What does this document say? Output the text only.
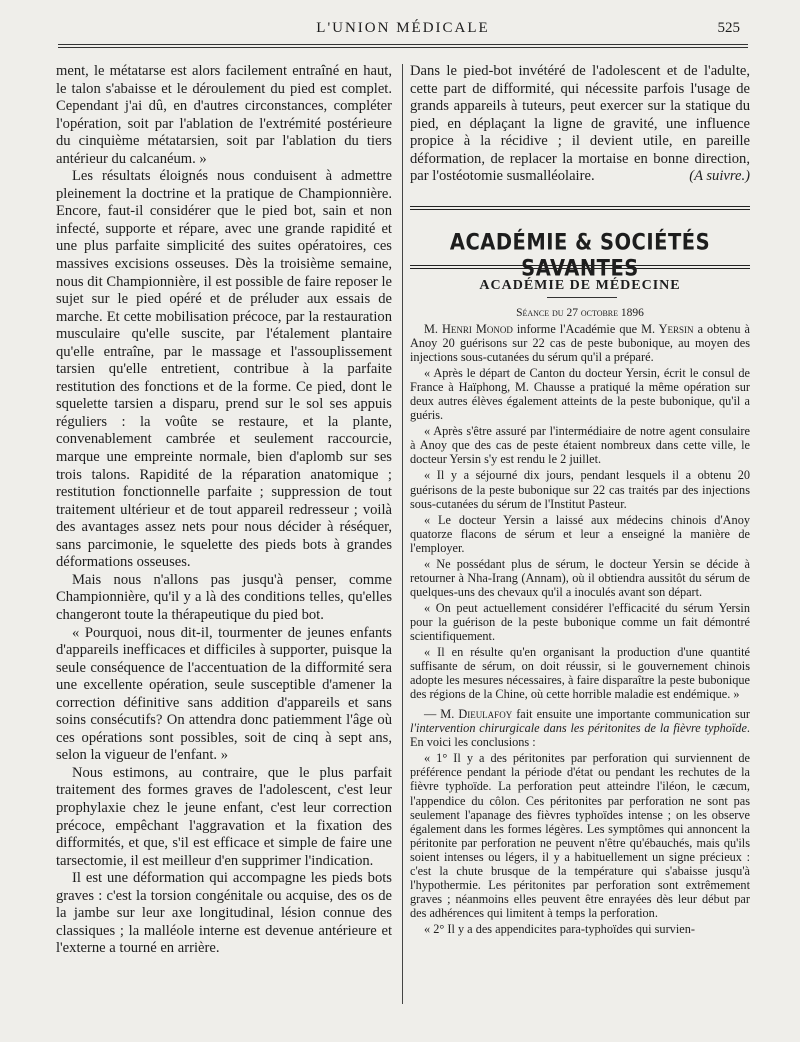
L'UNION MÉDICALE	525

ment, le métatarse est alors facilement entraîné en haut, le talon s'abaisse et le déroulement du pied est complet. Cependant j'ai dû, en d'autres circonstances, compléter l'opération, soit par l'ablation de l'extrémité postérieure du cinquième métatarsien, soit par l'ablation du tiers antérieur du calcanéum. »

Les résultats éloignés nous conduisent à admettre pleinement la doctrine et la pratique de Championnière. Encore, faut-il considérer que le pied bot, sain et non infecté, supporte et répare, avec une grande rapidité et une plus parfaite simplicité des suites opératoires, ces massives excisions osseuses. Dès la troisième semaine, nous dit Championnière, il est possible de faire reposer le sujet sur le pied opéré et de préluder aux essais de marche. Et cette mobilisation précoce, par la restauration musculaire qu'elle suscite, par l'étalement plantaire qu'elle entraîne, par le massage et l'assouplissement tarsien qu'elle entretient, contribue à la parfaite restitution des fonctions et de la forme. Ce pied, dont le squelette tarsien a disparu, prend sur le sol ses appuis réguliers : la voûte se restaure, et la plante, convenablement cambrée et seulement raccourcie, marque une empreinte normale, bien d'aplomb sur ses trois talons. Rapidité de la réparation anatomique ; restitution fonctionnelle parfaite ; suppression de tout traitement ultérieur et de tout appareil redresseur ; voilà des avantages assez nets pour nous décider à réséquer, sans parcimonie, le squelette des pieds bots à grandes déformations osseuses.

Mais nous n'allons pas jusqu'à penser, comme Championnière, qu'il y a là des conditions telles, qu'elles changeront toute la thérapeutique du pied bot.

« Pourquoi, nous dit-il, tourmenter de jeunes enfants d'appareils inefficaces et difficiles à supporter, puisque la seule conséquence de l'accentuation de la difformité sera une excellente opération, seule susceptible d'amener la correction définitive sans addition d'appareils et sans soins consécutifs? On attendra donc patiemment l'âge où ces opérations sont possibles, soit de cinq à sept ans, selon la vigueur de l'enfant. »

Nous estimons, au contraire, que le plus parfait traitement des formes graves de l'adolescent, c'est leur prophylaxie chez le jeune enfant, c'est leur correction précoce, empêchant l'aggravation et la fixation des difformités, et que, s'il est efficace et simple de faire une tarsectomie, il est meilleur d'en supprimer l'indication.

Il est une déformation qui accompagne les pieds bots graves : c'est la torsion congénitale ou acquise, des os de la jambe sur leur axe longitudinal, lésion connue des classiques ; la malléole interne est devenue antérieure et l'externe a tourné en arrière.

Dans le pied-bot invétéré de l'adolescent et de l'adulte, cette part de difformité, qui nécessite parfois l'usage de grands appareils à tuteurs, peut exercer sur la statique du pied, en déplaçant la ligne de gravité, une influence propice à la récidive ; il devient utile, en pareille déformation, de replacer la mortaise en bonne direction, par l'ostéotomie susmalléolaire.	(A suivre.)

ACADÉMIE & SOCIÉTÉS SAVANTES
ACADÉMIE DE MÉDECINE
Séance du 27 octobre 1896

M. Henri Monod informe l'Académie que M. Yersin a obtenu à Anoy 20 guérisons sur 22 cas de peste bubonique, au moyen des injections sous-cutanées du sérum qu'il a préparé.

« Après le départ de Canton du docteur Yersin, écrit le consul de France à Haïphong, M. Chausse a pratiqué la même opération sur deux autres élèves également atteints de la peste bubonique, qu'il a guéris.

« Après s'être assuré par l'intermédiaire de notre agent consulaire à Anoy que des cas de peste étaient nombreux dans cette ville, le docteur Yersin s'y est rendu le 2 juillet.

« Il y a séjourné dix jours, pendant lesquels il a obtenu 20 guérisons de la peste bubonique sur 22 cas traités par des injections sous-cutanées du sérum de l'Institut Pasteur.

« Le docteur Yersin a laissé aux médecins chinois d'Anoy quatorze flacons de sérum et leur a enseigné la manière de l'employer.

« Ne possédant plus de sérum, le docteur Yersin se décide à retourner à Nha-Irang (Annam), où il obtiendra aussitôt du sérum de quelques-uns des chevaux qu'il a inoculés avant son départ.

« On peut actuellement considérer l'efficacité du sérum Yersin pour la guérison de la peste bubonique comme un fait démontré scientifiquement.

« Il en résulte qu'en organisant la production d'une quantité suffisante de sérum, on doit réussir, si le gouvernement chinois adopte les mesures nécessaires, à faire disparaître la peste bubonique des régions de la Chine, où cette horrible maladie est endémique. »

— M. Dieulafoy fait ensuite une importante communication sur l'intervention chirurgicale dans les péritonites de la fièvre typhoïde. En voici les conclusions :

« 1° Il y a des péritonites par perforation qui surviennent de préférence pendant la période d'état ou pendant les rechutes de la fièvre typhoïde. La perforation peut atteindre l'iléon, le cæcum, l'appendice du côlon. Ces péritonites par perforation ne sont pas seulement l'apanage des fièvres typhoïdes intense ; on les observe également dans les formes légères. Les symptômes qui annoncent la péritonite par perforation ne peuvent n'être qu'ébauchés, mais qu'ils soient intenses ou légers, il y a habituellement un signe précieux : c'est la chute brusque de la température qui s'abaisse jusqu'à l'hypothermie. Les péritonites par perforation sont extrêmement graves ; néanmoins elles peuvent être enrayées dès leur début par des adhérences qui limitent à temps la perforation.

« 2° Il y a des appendicites para-typhoïdes qui survien-
